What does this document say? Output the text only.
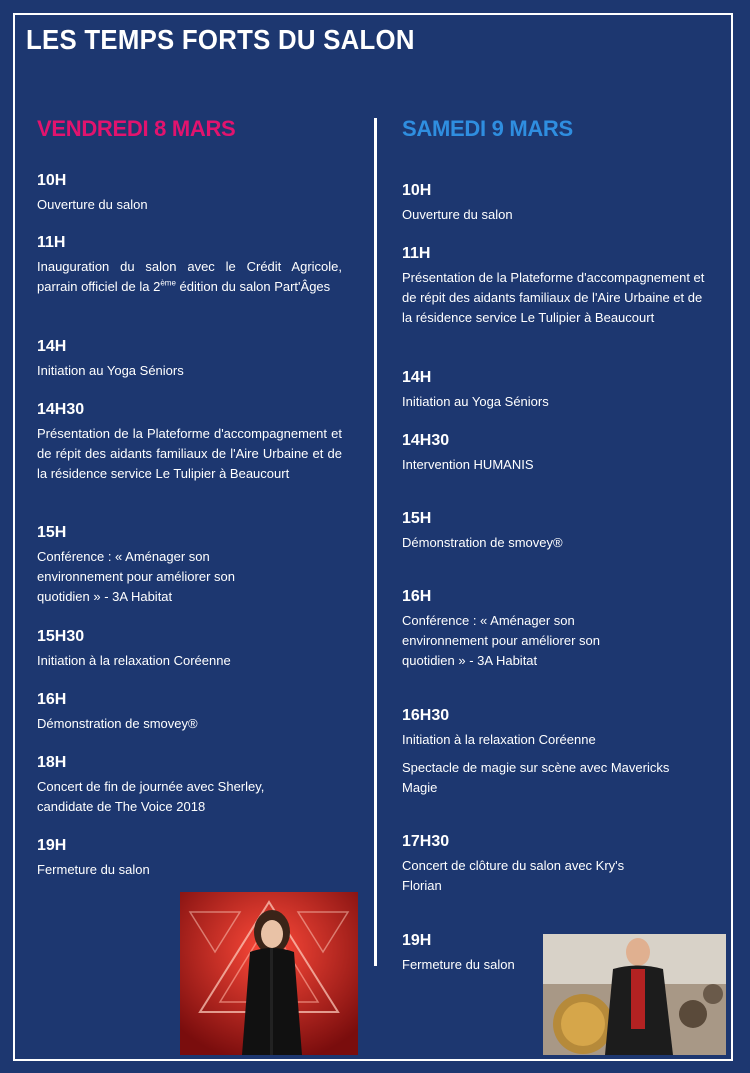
LES TEMPS FORTS DU SALON
VENDREDI 8 MARS
10H
Ouverture du salon
11H
Inauguration du salon avec le Crédit Agricole, parrain officiel de la 2ème édition du salon Part'Âges
14H
Initiation au Yoga Séniors
14H30
Présentation de la Plateforme d'accompagnement et de répit des aidants familiaux de l'Aire Urbaine et de la résidence service Le Tulipier à Beaucourt
15H
Conférence : « Aménager son environnement pour améliorer son quotidien » - 3A Habitat
15H30
Initiation à la relaxation Coréenne
16H
Démonstration de smovey®
18H
Concert de fin de journée avec Sherley, candidate de The Voice 2018
19H
Fermeture du salon
SAMEDI 9 MARS
10H
Ouverture du salon
11H
Présentation de la Plateforme d'accompagnement et de répit des aidants familiaux de l'Aire Urbaine et de la résidence service Le Tulipier à Beaucourt
14H
Initiation au Yoga Séniors
14H30
Intervention HUMANIS
15H
Démonstration de smovey®
16H
Conférence : « Aménager son environnement pour améliorer son quotidien » - 3A Habitat
16H30
Initiation à la relaxation Coréenne
Spectacle de magie sur scène avec Mavericks Magie
17H30
Concert de clôture du salon avec Kry's Florian
19H
Fermeture du salon
